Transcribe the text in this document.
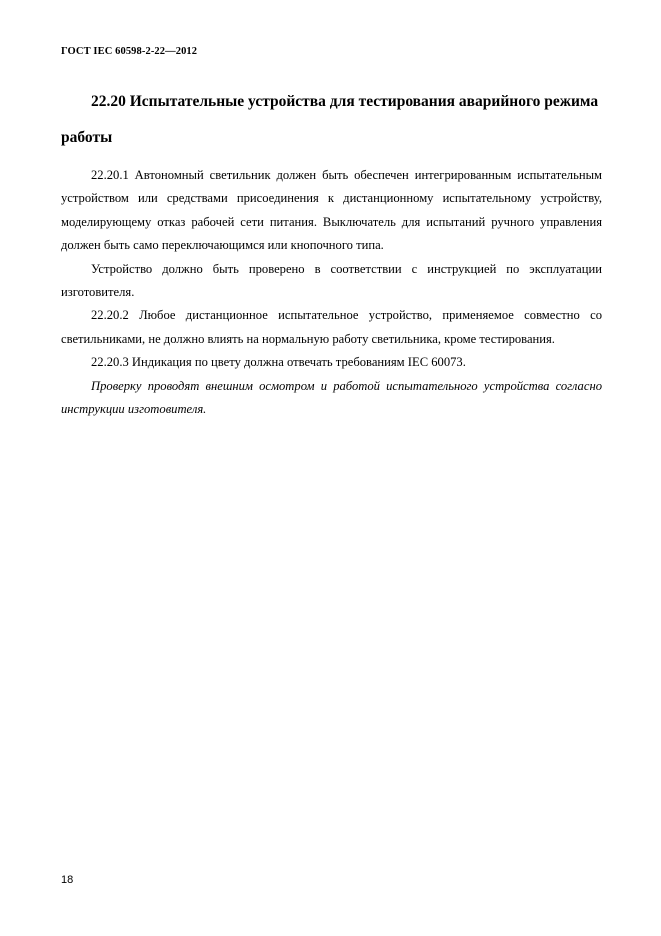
ГОСТ IEC 60598-2-22—2012
22.20 Испытательные устройства для тестирования аварийного режима
работы

22.20.1 Автономный светильник должен быть обеспечен интегрированным испытательным устройством или средствами присоединения к дистанционному испытательному устройству, моделирующему отказ рабочей сети питания. Выключатель для испытаний ручного управления должен быть само переключающимся или кнопочного типа.

Устройство должно быть проверено в соответствии с инструкцией по эксплуатации изготовителя.

22.20.2 Любое дистанционное испытательное устройство, применяемое совместно со светильниками, не должно влиять на нормальную работу светильника, кроме тестирования.

22.20.3 Индикация по цвету должна отвечать требованиям IEC 60073.

Проверку проводят внешним осмотром и работой испытательного устройства согласно инструкции изготовителя.

18
